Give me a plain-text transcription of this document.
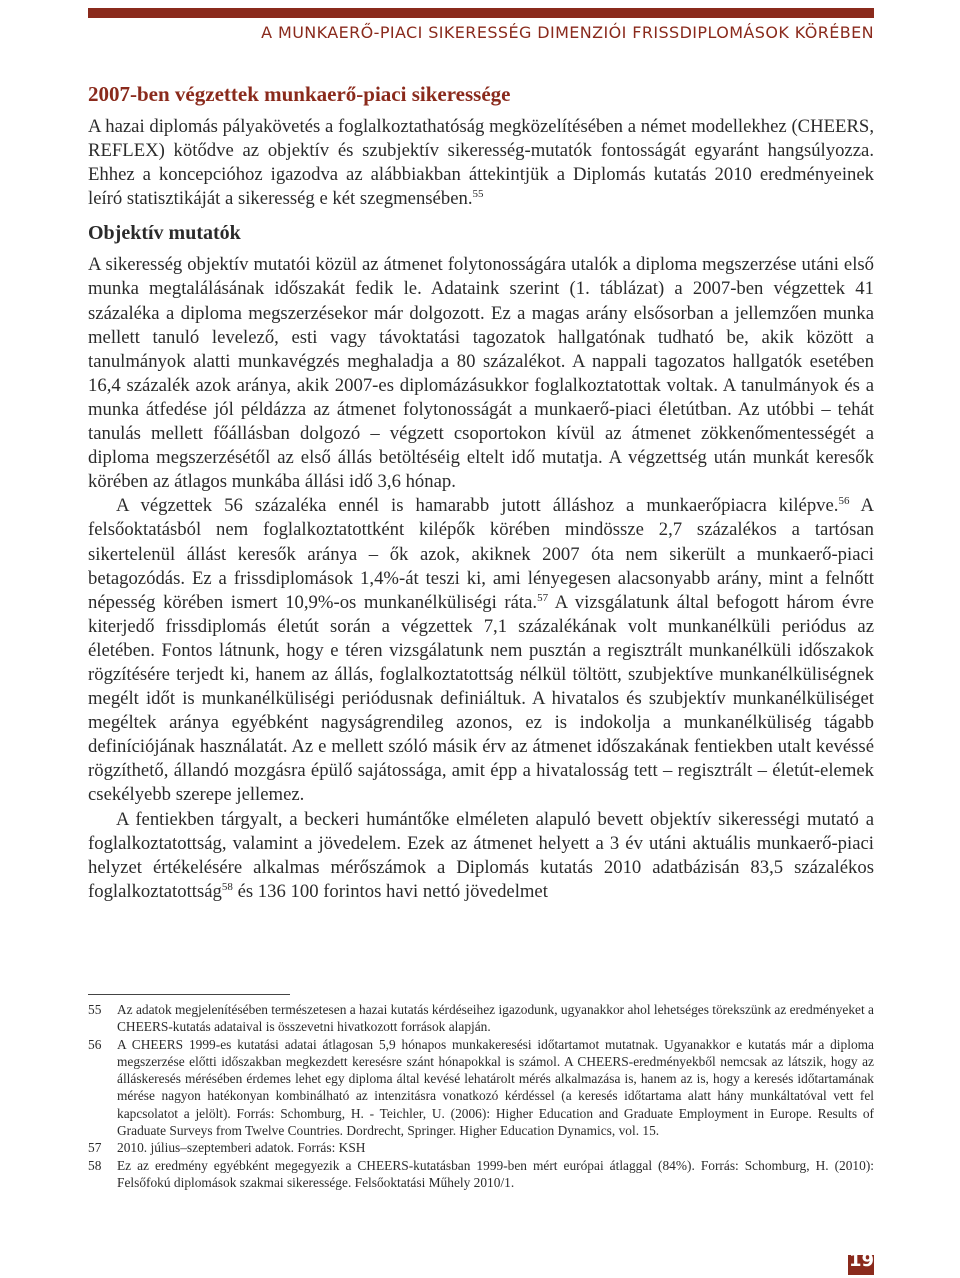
A MUNKAERŐ-PIACI SIKERESSÉG DIMENZIÓI FRISSDIPLOMÁSOK KÖRÉBEN
2007-ben végzettek munkaerő-piaci sikeressége

A hazai diplomás pályakövetés a foglalkoztathatóság megközelítésében a német modellekhez (CHEERS, REFLEX) kötődve az objektív és szubjektív sikeresség-mutatók fontosságát egyaránt hangsúlyozza. Ehhez a koncepcióhoz igazodva az alábbiakban áttekintjük a Diplomás kutatás 2010 eredményeinek leíró statisztikáját a sikeresség e két szegmensében.$^{55}$

Objektív mutatók

A sikeresség objektív mutatói közül az átmenet folytonosságára utalók a diploma megszerzése utáni első munka megtalálásának időszakát fedik le. Adataink szerint (1. táblázat) a 2007-ben végzettek 41 százaléka a diploma megszerzésekor már dolgozott. Ez a magas arány elsősorban a jellemzően munka mellett tanuló levelező, esti vagy távoktatási tagozatok hallgatónak tudható be, akik között a tanulmányok alatti munkavégzés meghaladja a 80 százalékot. A nappali tagozatos hallgatók esetében 16,4 százalék azok aránya, akik 2007-es diplomázásukkor foglalkoztatottak voltak. A tanulmányok és a munka átfedése jól példázza az átmenet folytonosságát a munkaerő-piaci életútban. Az utóbbi – tehát tanulás mellett főállásban dolgozó – végzett csoportokon kívül az átmenet zökkenőmentességét a diploma megszerzésétől az első állás betöltéséig eltelt idő mutatja. A végzettség után munkát keresők körében az átlagos munkába állási idő 3,6 hónap.

A végzettek 56 százaléka ennél is hamarabb jutott álláshoz a munkaerőpiacra kilépve.$^{56}$ A felsőoktatásból nem foglalkoztatottként kilépők körében mindössze 2,7 százalékos a tartósan sikertelenül állást keresők aránya – ők azok, akiknek 2007 óta nem sikerült a munkaerő-piaci betagozódás. Ez a frissdiplomások 1,4%-át teszi ki, ami lényegesen alacsonyabb arány, mint a felnőtt népesség körében ismert 10,9%-os munkanélküliségi ráta.$^{57}$ A vizsgálatunk által befogott három évre kiterjedő frissdiplomás életút során a végzettek 7,1 százalékának volt munkanélküli periódus az életében. Fontos látnunk, hogy e téren vizsgálatunk nem pusztán a regisztrált munkanélküli időszakok rögzítésére terjedt ki, hanem az állás, foglalkoztatottság nélkül töltött, szubjektíve munkanélküliségnek megélt időt is munkanélküliségi periódusnak definiáltuk. A hivatalos és szubjektív munkanélküliséget megéltek aránya egyébként nagyságrendileg azonos, ez is indokolja a munkanélküliség tágabb definíciójának használatát. Az e mellett szóló másik érv az átmenet időszakának fentiekben utalt kevéssé rögzíthető, állandó mozgásra épülő sajátossága, amit épp a hivatalosság tett – regisztrált – életút-elemek csekélyebb szerepe jellemez.

A fentiekben tárgyalt, a beckeri humántőke elméleten alapuló bevett objektív sikerességi mutató a foglalkoztatottság, valamint a jövedelem. Ezek az átmenet helyett a 3 év utáni aktuális munkaerő-piaci helyzet értékelésére alkalmas mérőszámok a Diplomás kutatás 2010 adatbázisán 83,5 százalékos foglalkoztatottság$^{58}$ és 136 100 forintos havi nettó jövedelmet

55	Az adatok megjelenítésében természetesen a hazai kutatás kérdéseihez igazodunk, ugyanakkor ahol lehetséges törekszünk az eredményeket a CHEERS-kutatás adataival is összevetni hivatkozott források alapján.
56	A CHEERS 1999-es kutatási adatai átlagosan 5,9 hónapos munkakeresési időtartamot mutatnak. Ugyanakkor e kutatás már a diploma megszerzése előtti időszakban megkezdett keresésre szánt hónapokkal is számol. A CHEERS-eredményekből nemcsak az látszik, hogy az álláskeresés mérésében érdemes lehet egy diploma által kevésé lehatárolt mérés alkalmazása is, hanem az is, hogy a keresés időtartamának mérése nagyon hatékonyan kombinálható az intenzitásra vonatkozó kérdéssel (a keresés időtartama alatt hány munkáltatóval vett fel kapcsolatot a jelölt). Forrás: Schomburg, H. - Teichler, U. (2006): Higher Education and Graduate Employment in Europe. Results of Graduate Surveys from Twelve Countries. Dordrecht, Springer. Higher Education Dynamics, vol. 15.
57	2010. július–szeptemberi adatok. Forrás: KSH
58	Ez az eredmény egyébként megegyezik a CHEERS-kutatásban 1999-ben mért európai átlaggal (84%). Forrás: Schomburg, H. (2010): Felsőfokú diplomások szakmai sikeressége. Felsőoktatási Műhely 2010/1.
19
